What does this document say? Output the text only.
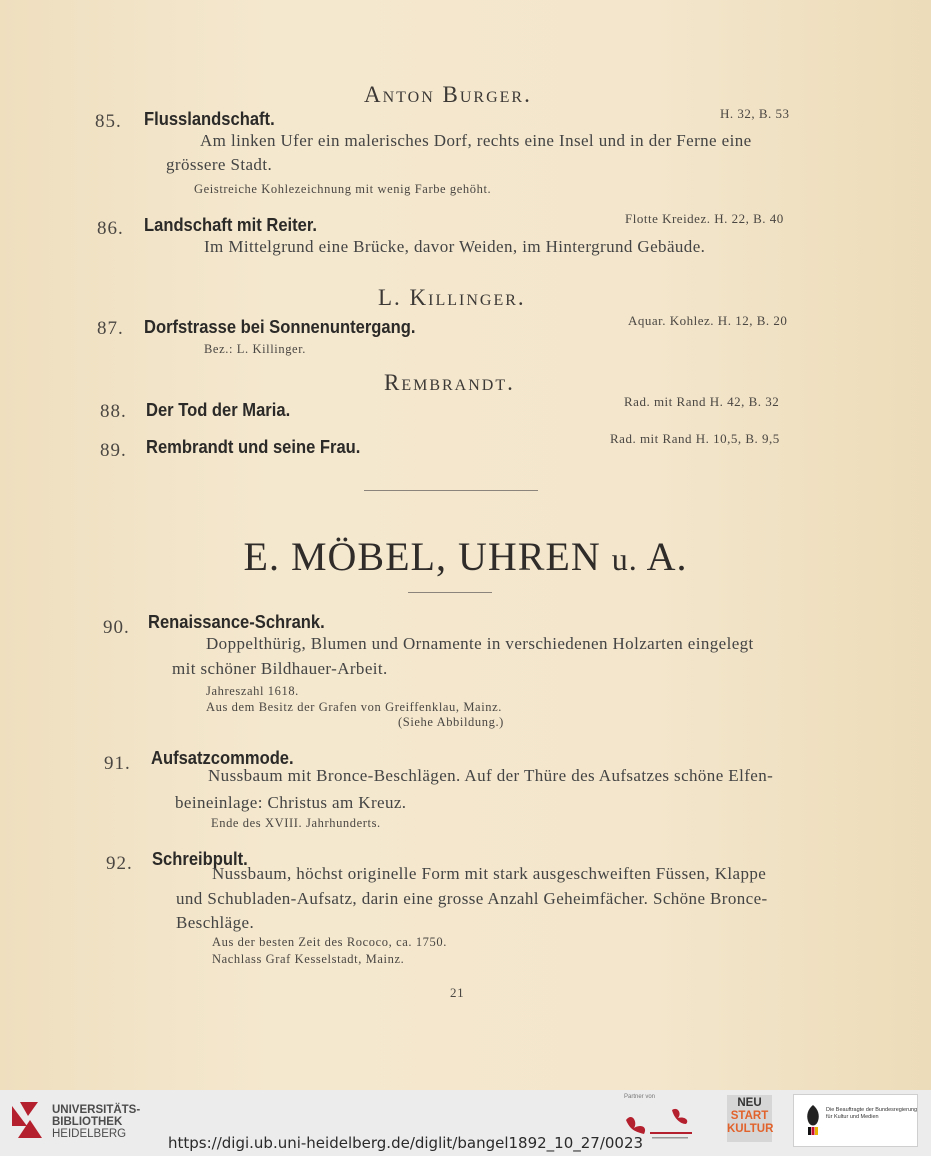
Anton Burger.
85. Flusslandschaft.	H. 32, B. 53
Am linken Ufer ein malerisches Dorf, rechts eine Insel und in der Ferne eine
grössere Stadt.
Geistreiche Kohlezeichnung mit wenig Farbe gehöht.
86. Landschaft mit Reiter.	Flotte Kreidez. H. 22, B. 40
Im Mittelgrund eine Brücke, davor Weiden, im Hintergrund Gebäude.
L. Killinger.
87. Dorfstrasse bei Sonnenuntergang.	Aquar. Kohlez. H. 12, B. 20
Bez.: L. Killinger.
Rembrandt.
88. Der Tod der Maria.	Rad. mit Rand H. 42, B. 32
89. Rembrandt und seine Frau.	Rad. mit Rand H. 10,5, B. 9,5
E. MÖBEL, UHREN u. A.
90. Renaissance-Schrank.
Doppelthürig, Blumen und Ornamente in verschiedenen Holzarten eingelegt
mit schöner Bildhauer-Arbeit.
Jahreszahl 1618.
Aus dem Besitz der Grafen von Greiffenklau, Mainz.
(Siehe Abbildung.)
91. Aufsatzcommode.
Nussbaum mit Bronce-Beschlägen. Auf der Thüre des Aufsatzes schöne Elfen-
beineinlage: Christus am Kreuz.
Ende des XVIII. Jahrhunderts.
92. Schreibpult.
Nussbaum, höchst originelle Form mit stark ausgeschweiften Füssen, Klappe
und Schubladen-Aufsatz, darin eine grosse Anzahl Geheimfächer. Schöne Bronce-
Beschläge.
Aus der besten Zeit des Rococo, ca. 1750.
Nachlass Graf Kesselstadt, Mainz.
21
UNIVERSITÄTS-
BIBLIOTHEK
HEIDELBERG	https://digi.ub.uni-heidelberg.de/diglit/bangel1892_10_27/0023
Partner von	NEU
START
KULTUR
Die Beauftragte der Bundesregierung
für Kultur und Medien
